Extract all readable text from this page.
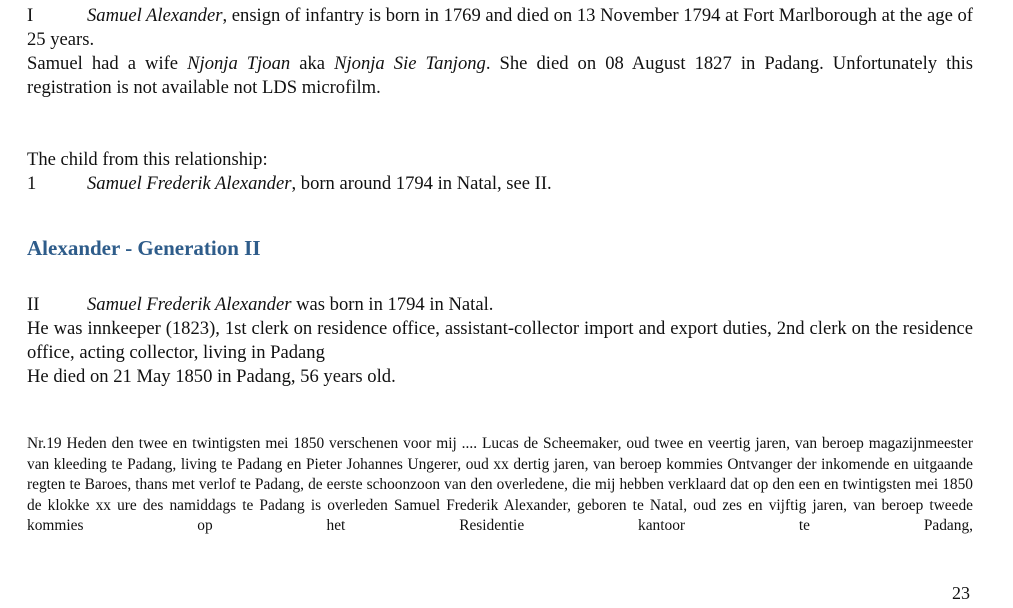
I	Samuel Alexander, ensign of infantry is born in 1769 and died on 13 November 1794 at Fort Marlborough at the age of 25 years.

Samuel had a wife Njonja Tjoan aka Njonja Sie Tanjong. She died on 08 August 1827 in Padang. Unfortunately this registration is not available not LDS microfilm.

The child from this relationship:

1	Samuel Frederik Alexander, born around 1794 in Natal, see II.

Alexander - Generation II

II	Samuel Frederik Alexander was born in 1794 in Natal.

He was innkeeper (1823), 1st clerk on residence office, assistant-collector import and export duties, 2nd clerk on the residence office, acting collector, living in Padang

He died on 21 May 1850 in Padang, 56 years old.

Nr.19 Heden den twee en twintigsten mei 1850 verschenen voor mij .... Lucas de Scheemaker, oud twee en veertig jaren, van beroep magazijnmeester van kleeding te Padang, living te Padang en Pieter Johannes Ungerer, oud xx dertig jaren, van beroep kommies Ontvanger der inkomende en uitgaande regten te Baroes, thans met verlof te Padang, de eerste schoonzoon van den overledene, die mij hebben verklaard dat op den een en twintigsten mei 1850 de klokke xx ure des namiddags te Padang is overleden Samuel Frederik Alexander, geboren te Natal, oud zes en vijftig jaren, van beroep tweede kommies op het Residentie kantoor te Padang,

23
